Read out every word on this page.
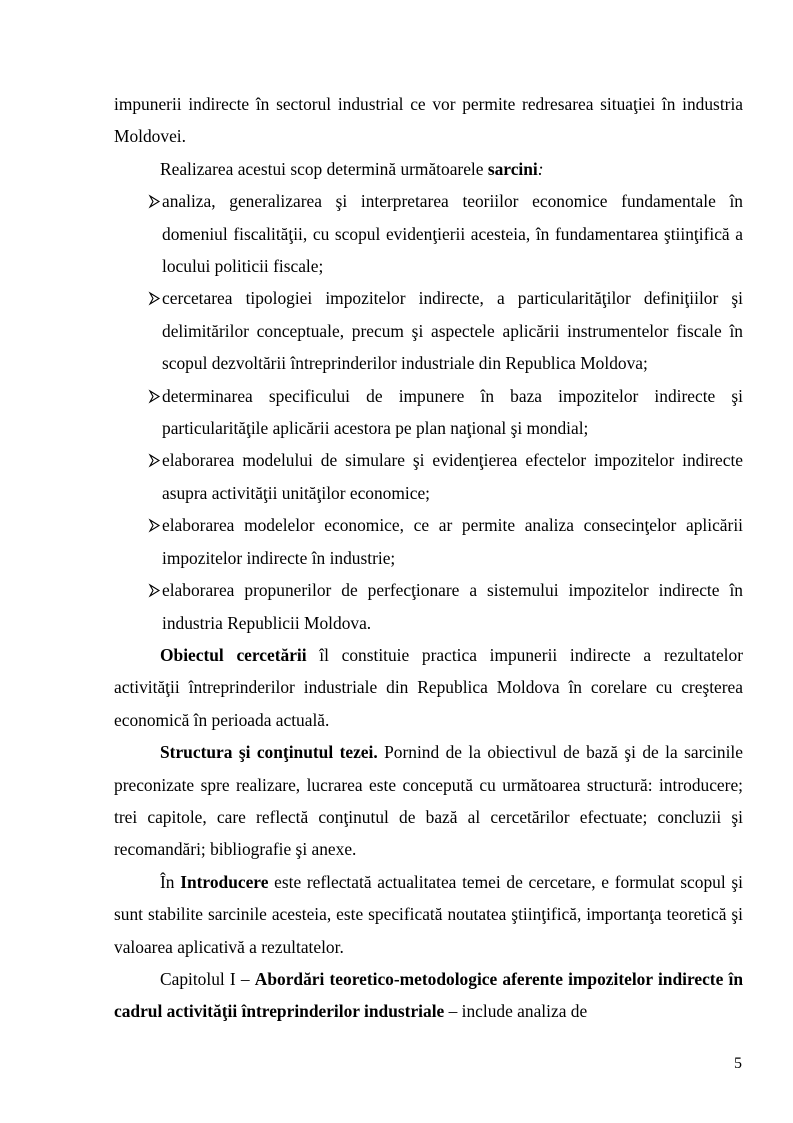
impunerii indirecte în sectorul industrial ce vor permite redresarea situaţiei în industria Moldovei.

Realizarea acestui scop determină următoarele sarcini:

analiza, generalizarea şi interpretarea teoriilor economice fundamentale în domeniul fiscalităţii, cu scopul evidenţierii acesteia, în fundamentarea ştiinţifică a locului politicii fiscale;
cercetarea tipologiei impozitelor indirecte, a particularităţilor definiţiilor şi delimitărilor conceptuale, precum şi aspectele aplicării instrumentelor fiscale în scopul dezvoltării întreprinderilor industriale din Republica Moldova;
determinarea specificului de impunere în baza impozitelor indirecte şi particularităţile aplicării acestora pe plan naţional şi mondial;
elaborarea modelului de simulare şi evidenţierea efectelor impozitelor indirecte asupra activităţii unităţilor economice;
elaborarea modelelor economice, ce ar permite analiza consecinţelor aplicării impozitelor indirecte în industrie;
elaborarea propunerilor de perfecţionare a sistemului impozitelor indirecte în industria Republicii Moldova.

Obiectul cercetării îl constituie practica impunerii indirecte a rezultatelor activităţii întreprinderilor industriale din Republica Moldova în corelare cu creşterea economică în perioada actuală.

Structura şi conţinutul tezei. Pornind de la obiectivul de bază şi de la sarcinile preconizate spre realizare, lucrarea este concepută cu următoarea structură: introducere; trei capitole, care reflectă conţinutul de bază al cercetărilor efectuate; concluzii şi recomandări; bibliografie şi anexe.

În Introducere este reflectată actualitatea temei de cercetare, e formulat scopul şi sunt stabilite sarcinile acesteia, este specificată noutatea ştiinţifică, importanţa teoretică şi valoarea aplicativă a rezultatelor.

Capitolul I – Abordări teoretico-metodologice aferente impozitelor indirecte în cadrul activităţii întreprinderilor industriale – include analiza de

5
